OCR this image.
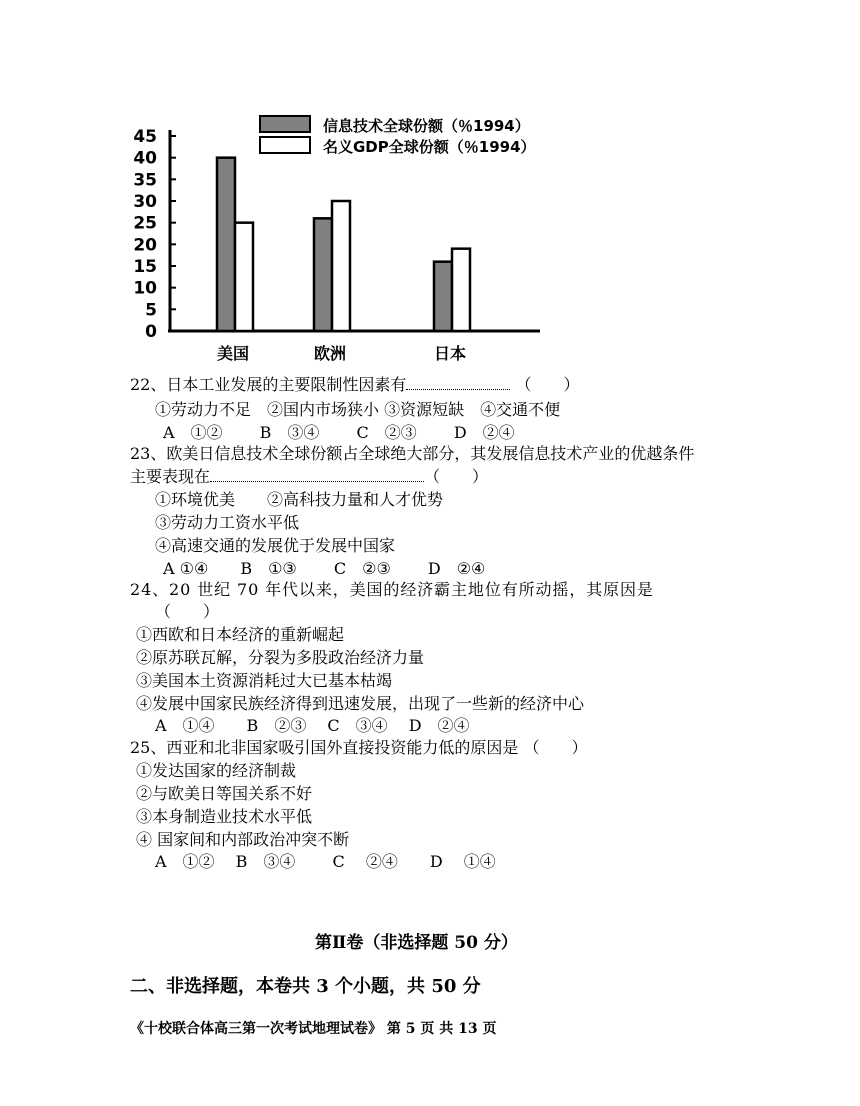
0
5
10
15
20
25
30
35
40
45
美国	欧洲	日本
信息技术全球份额（％1994）
名义GDP全球份额（％1994）
22、日本工业发展的主要限制性因素有	（　　）
①劳动力不足　②国内市场狭小 ③资源短缺　④交通不便
A　①②　　 B　③④　　 C　②③　　 D　②④
23、欧美日信息技术全球份额占全球绝大部分，其发展信息技术产业的优越条件
主要表现在	（　　）
①环境优美　　②高科技力量和人才优势
③劳动力工资水平低
④高速交通的发展优于发展中国家
A ①④　　B　①③　　 C　②③　　 D　②④
24、20 世纪 70 年代以来，美国的经济霸主地位有所动摇，其原因是
（　　）
①西欧和日本经济的重新崛起
②原苏联瓦解，分裂为多股政治经济力量
③美国本土资源消耗过大已基本枯竭
④发展中国家民族经济得到迅速发展，出现了一些新的经济中心
A　①④　　B　②③　 C　③④　 D　②④
25、西亚和北非国家吸引国外直接投资能力低的原因是 （　　）
①发达国家的经济制裁
②与欧美日等国关系不好
③本身制造业技术水平低
④ 国家间和内部政治冲突不断
A　①②　 B　③④　　 C　 ②④　　D　 ①④
第Ⅱ卷（非选择题 50 分）
二、非选择题，本卷共 3 个小题，共 50 分
《十校联合体高三第一次考试地理试卷》 第 5 页 共 13 页
